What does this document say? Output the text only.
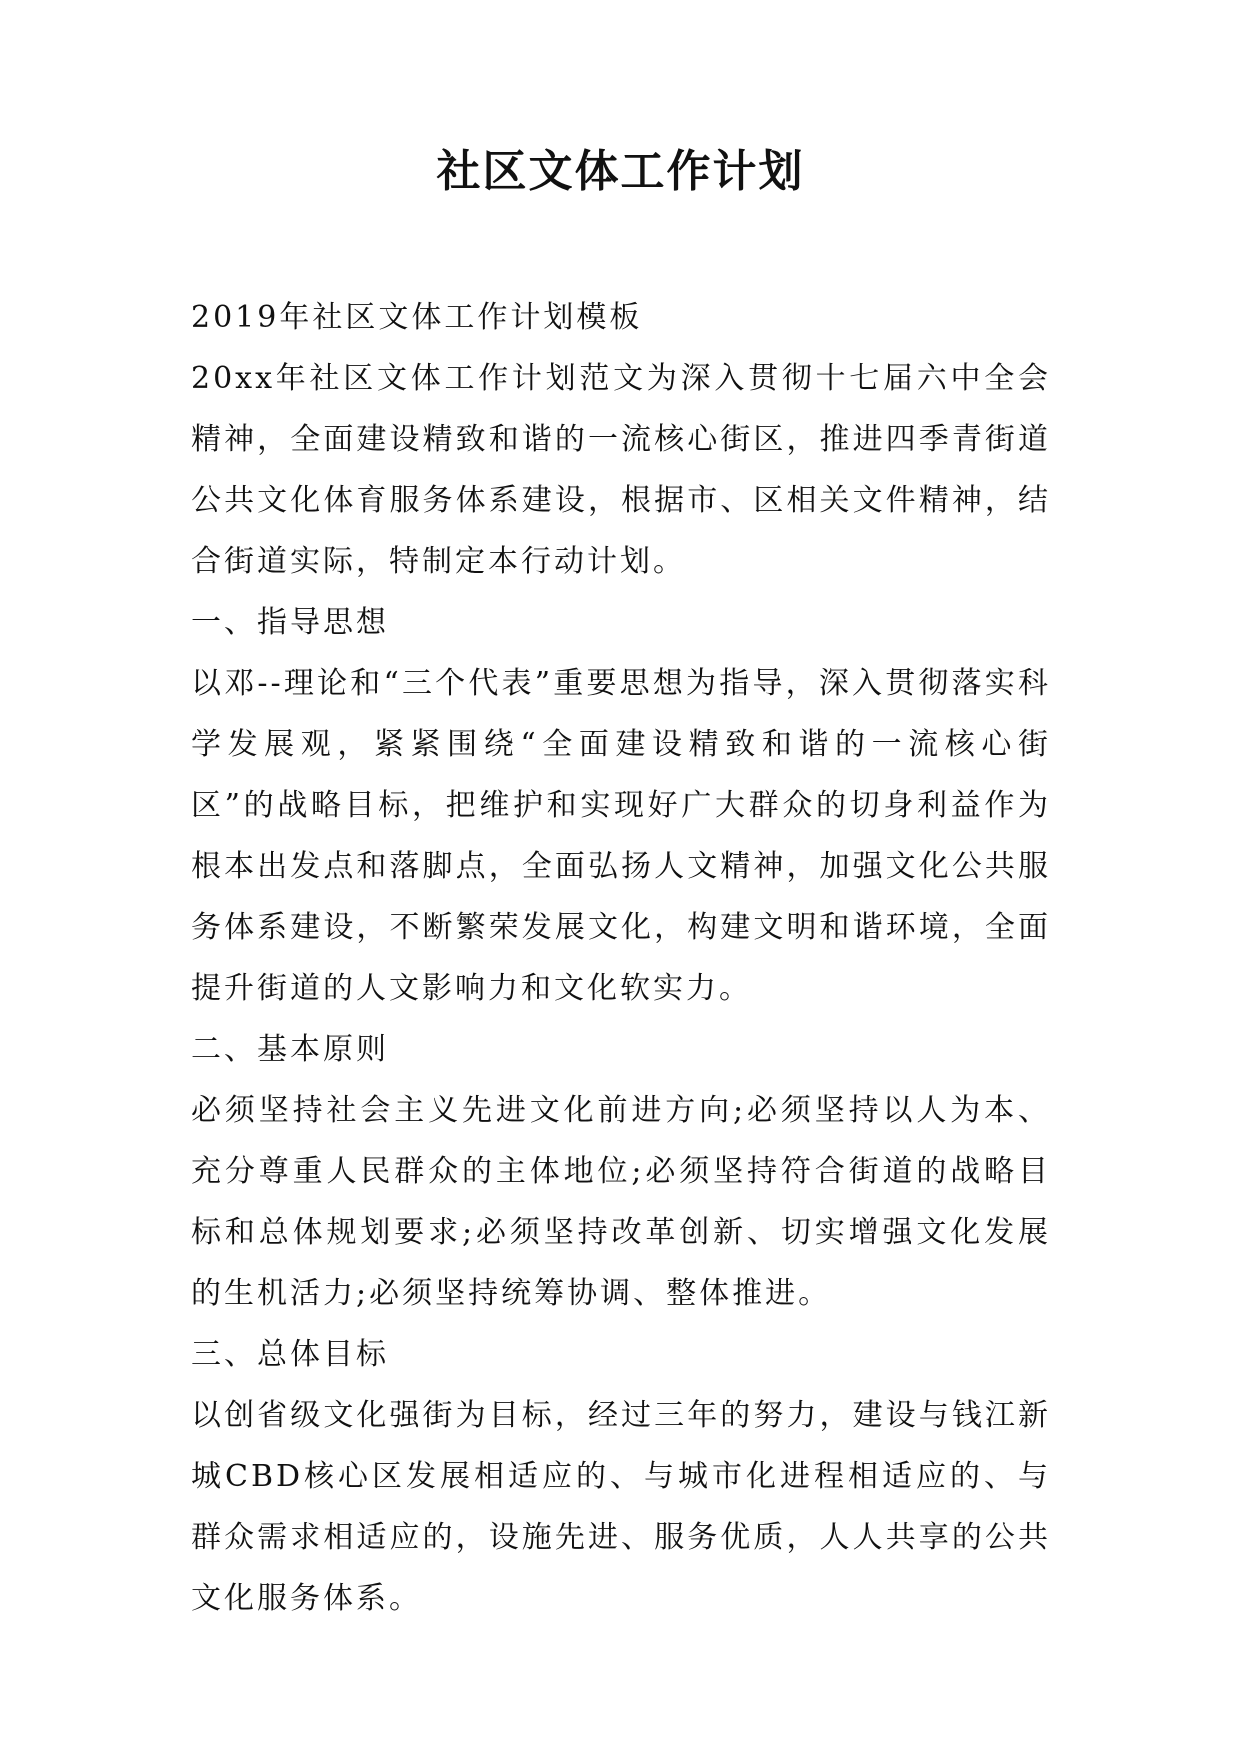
社区文体工作计划

2019年社区文体工作计划模板

20xx年社区文体工作计划范文为深入贯彻十七届六中全会精神，全面建设精致和谐的一流核心街区，推进四季青街道公共文化体育服务体系建设，根据市、区相关文件精神，结合街道实际，特制定本行动计划。

一、指导思想

以邓--理论和“三个代表”重要思想为指导，深入贯彻落实科学发展观，紧紧围绕“全面建设精致和谐的一流核心街区”的战略目标，把维护和实现好广大群众的切身利益作为根本出发点和落脚点，全面弘扬人文精神，加强文化公共服务体系建设，不断繁荣发展文化，构建文明和谐环境，全面提升街道的人文影响力和文化软实力。

二、基本原则

必须坚持社会主义先进文化前进方向;必须坚持以人为本、充分尊重人民群众的主体地位;必须坚持符合街道的战略目标和总体规划要求;必须坚持改革创新、切实增强文化发展的生机活力;必须坚持统筹协调、整体推进。

三、总体目标

以创省级文化强街为目标，经过三年的努力，建设与钱江新城CBD核心区发展相适应的、与城市化进程相适应的、与群众需求相适应的，设施先进、服务优质，人人共享的公共文化服务体系。
